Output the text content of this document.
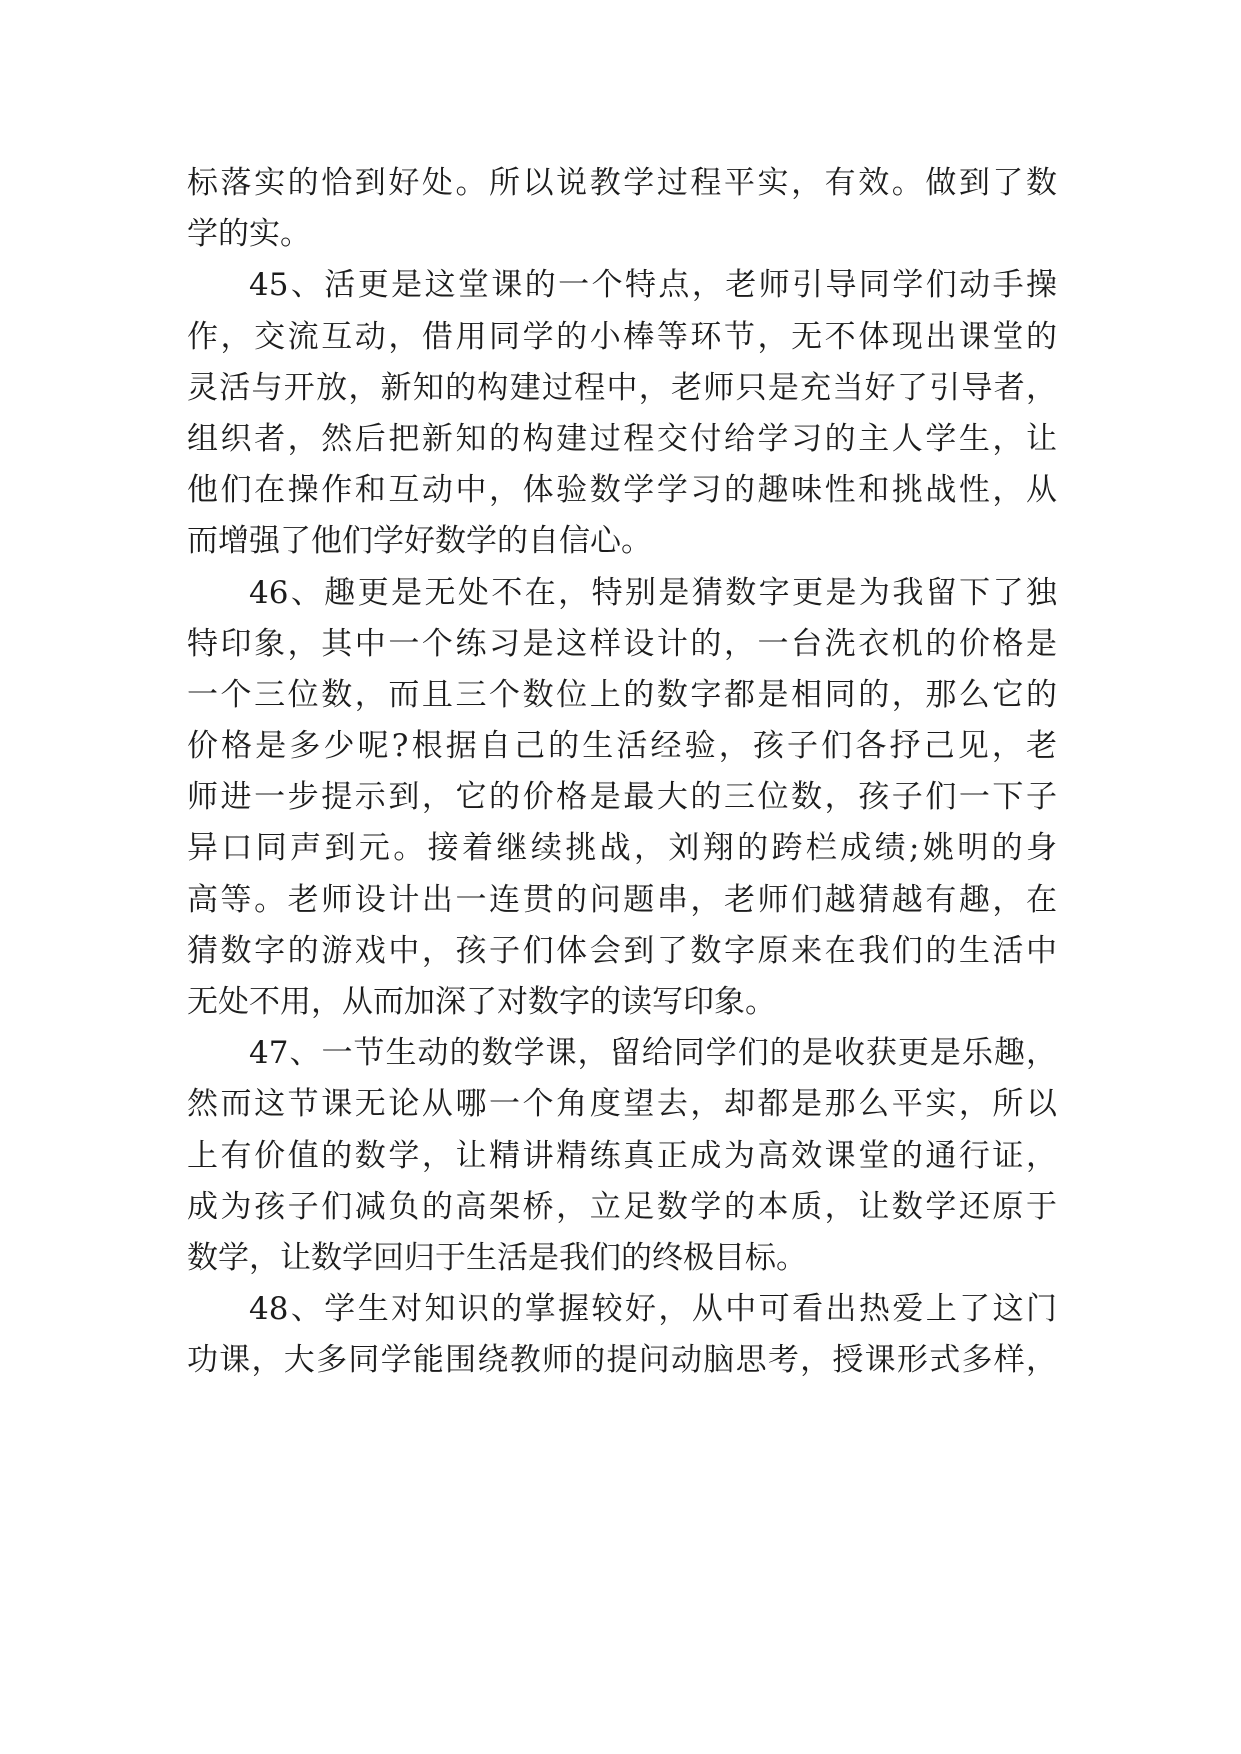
标落实的恰到好处。所以说教学过程平实，有效。做到了数
学的实。
45、活更是这堂课的一个特点，老师引导同学们动手操
作，交流互动，借用同学的小棒等环节，无不体现出课堂的
灵活与开放，新知的构建过程中，老师只是充当好了引导者，
组织者，然后把新知的构建过程交付给学习的主人学生，让
他们在操作和互动中，体验数学学习的趣味性和挑战性，从
而增强了他们学好数学的自信心。
46、趣更是无处不在，特别是猜数字更是为我留下了独
特印象，其中一个练习是这样设计的，一台洗衣机的价格是
一个三位数，而且三个数位上的数字都是相同的，那么它的
价格是多少呢?根据自己的生活经验，孩子们各抒己见，老
师进一步提示到，它的价格是最大的三位数，孩子们一下子
异口同声到元。接着继续挑战，刘翔的跨栏成绩;姚明的身
高等。老师设计出一连贯的问题串，老师们越猜越有趣，在
猜数字的游戏中，孩子们体会到了数字原来在我们的生活中
无处不用，从而加深了对数字的读写印象。
47、一节生动的数学课，留给同学们的是收获更是乐趣，
然而这节课无论从哪一个角度望去，却都是那么平实，所以
上有价值的数学，让精讲精练真正成为高效课堂的通行证，
成为孩子们减负的高架桥，立足数学的本质，让数学还原于
数学，让数学回归于生活是我们的终极目标。
48、学生对知识的掌握较好，从中可看出热爱上了这门
功课，大多同学能围绕教师的提问动脑思考，授课形式多样，
